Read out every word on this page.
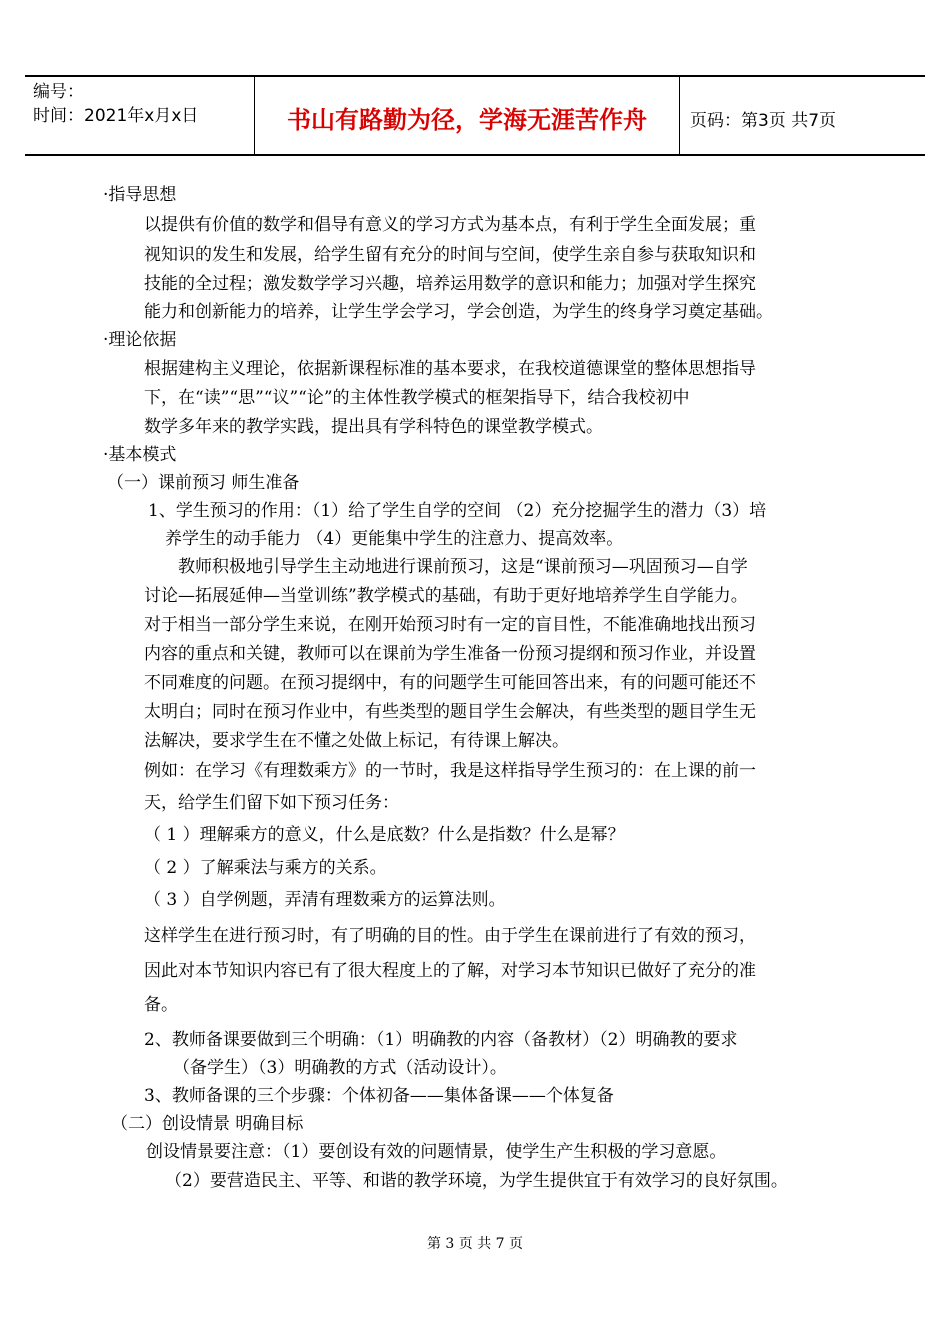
编号：
时间：2021年x月x日	书山有路勤为径，学海无涯苦作舟	页码：第3页 共7页
·指导思想
以提供有价值的数学和倡导有意义的学习方式为基本点，有利于学生全面发展；重
视知识的发生和发展，给学生留有充分的时间与空间，使学生亲自参与获取知识和
技能的全过程；激发数学学习兴趣，培养运用数学的意识和能力；加强对学生探究
能力和创新能力的培养，让学生学会学习，学会创造，为学生的终身学习奠定基础。
·理论依据
根据建构主义理论，依据新课程标准的基本要求，在我校道德课堂的整体思想指导
下，在“读”“思”“议”“论”的主体性教学模式的框架指导下，结合我校初中
数学多年来的教学实践，提出具有学科特色的课堂教学模式。
·基本模式
（一）课前预习 师生准备
1、学生预习的作用：（1）给了学生自学的空间 （2）充分挖掘学生的潜力（3）培
养学生的动手能力 （4）更能集中学生的注意力、提高效率。
教师积极地引导学生主动地进行课前预习，这是“课前预习—巩固预习—自学
讨论—拓展延伸—当堂训练”教学模式的基础，有助于更好地培养学生自学能力。
对于相当一部分学生来说，在刚开始预习时有一定的盲目性，不能准确地找出预习
内容的重点和关键，教师可以在课前为学生准备一份预习提纲和预习作业，并设置
不同难度的问题。在预习提纲中，有的问题学生可能回答出来，有的问题可能还不
太明白；同时在预习作业中，有些类型的题目学生会解决，有些类型的题目学生无
法解决，要求学生在不懂之处做上标记，有待课上解决。
例如：在学习《有理数乘方》的一节时，我是这样指导学生预习的：在上课的前一
天，给学生们留下如下预习任务：
（ 1 ）理解乘方的意义，什么是底数？什么是指数？什么是幂？
（ 2 ）了解乘法与乘方的关系。
（ 3 ）自学例题，弄清有理数乘方的运算法则。
这样学生在进行预习时，有了明确的目的性。由于学生在课前进行了有效的预习，
因此对本节知识内容已有了很大程度上的了解，对学习本节知识已做好了充分的准
备。
2、教师备课要做到三个明确：（1）明确教的内容（备教材）（2）明确教的要求
（备学生）（3）明确教的方式（活动设计）。
3、教师备课的三个步骤：个体初备——集体备课——个体复备
（二）创设情景 明确目标
创设情景要注意：（1）要创设有效的问题情景，使学生产生积极的学习意愿。
（2）要营造民主、平等、和谐的教学环境，为学生提供宜于有效学习的良好氛围。
第 3 页 共 7 页
